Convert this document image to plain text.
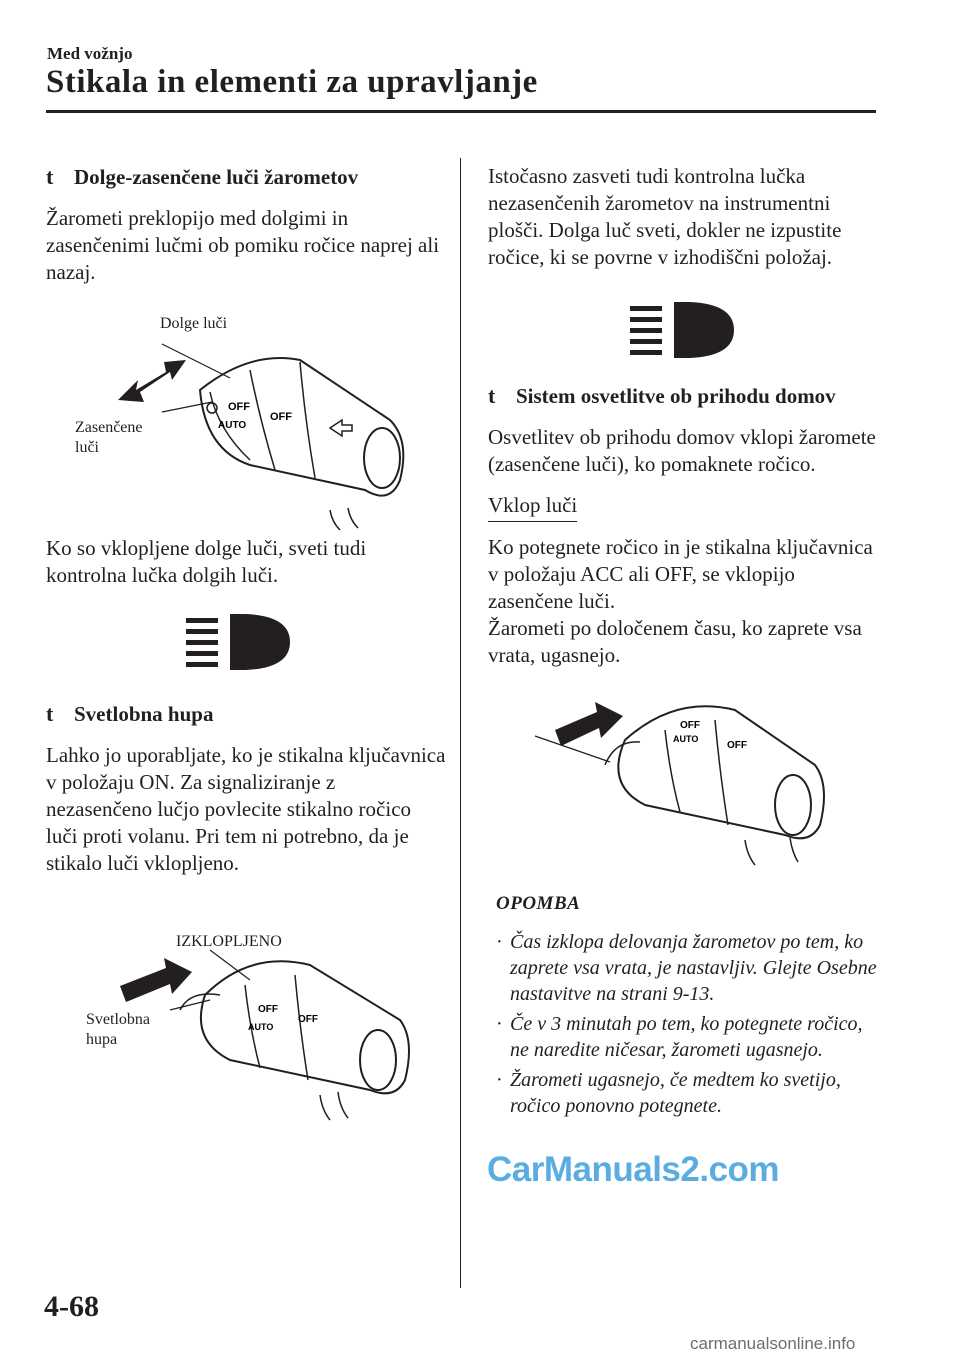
Med vožnjo
Stikala in elementi za upravljanje
t Dolge-zasenčene luči žarometov

Žarometi preklopijo med dolgimi in zasenčenimi lučmi ob pomiku ročice naprej ali nazaj.

Dolge luči
Zasenčene luči
OFF
OFF
AUTO

Ko so vklopljene dolge luči, sveti tudi kontrolna lučka dolgih luči.

t Svetlobna hupa

Lahko jo uporabljate, ko je stikalna ključavnica v položaju ON. Za signaliziranje z nezasenčeno lučjo povlecite stikalno ročico luči proti volanu. Pri tem ni potrebno, da je stikalo luči vklopljeno.

IZKLOPLJENO
Svetlobna hupa
OFF
OFF
AUTO

Istočasno zasveti tudi kontrolna lučka nezasenčenih žarometov na instrumentni plošči. Dolga luč sveti, dokler ne izpustite ročice, ki se povrne v izhodiščni položaj.

t Sistem osvetlitve ob prihodu domov

Osvetlitev ob prihodu domov vklopi žaromete (zasenčene luči), ko pomaknete ročico.

Vklop luči

Ko potegnete ročico in je stikalna ključavnica v položaju ACC ali OFF, se vklopijo zasenčene luči.

Žarometi po določenem času, ko zaprete vsa vrata, ugasnejo.

OFF
OFF
AUTO
OPOMBA
· Čas izklopa delovanja žarometov po tem, ko zaprete vsa vrata, je nastavljiv. Glejte Osebne nastavitve na strani 9-13.
· Če v 3 minutah po tem, ko potegnete ročico, ne naredite ničesar, žarometi ugasnejo.
· Žarometi ugasnejo, če medtem ko svetijo, ročico ponovno potegnete.
CarManuals2.com
4-68
carmanualsonline.info
